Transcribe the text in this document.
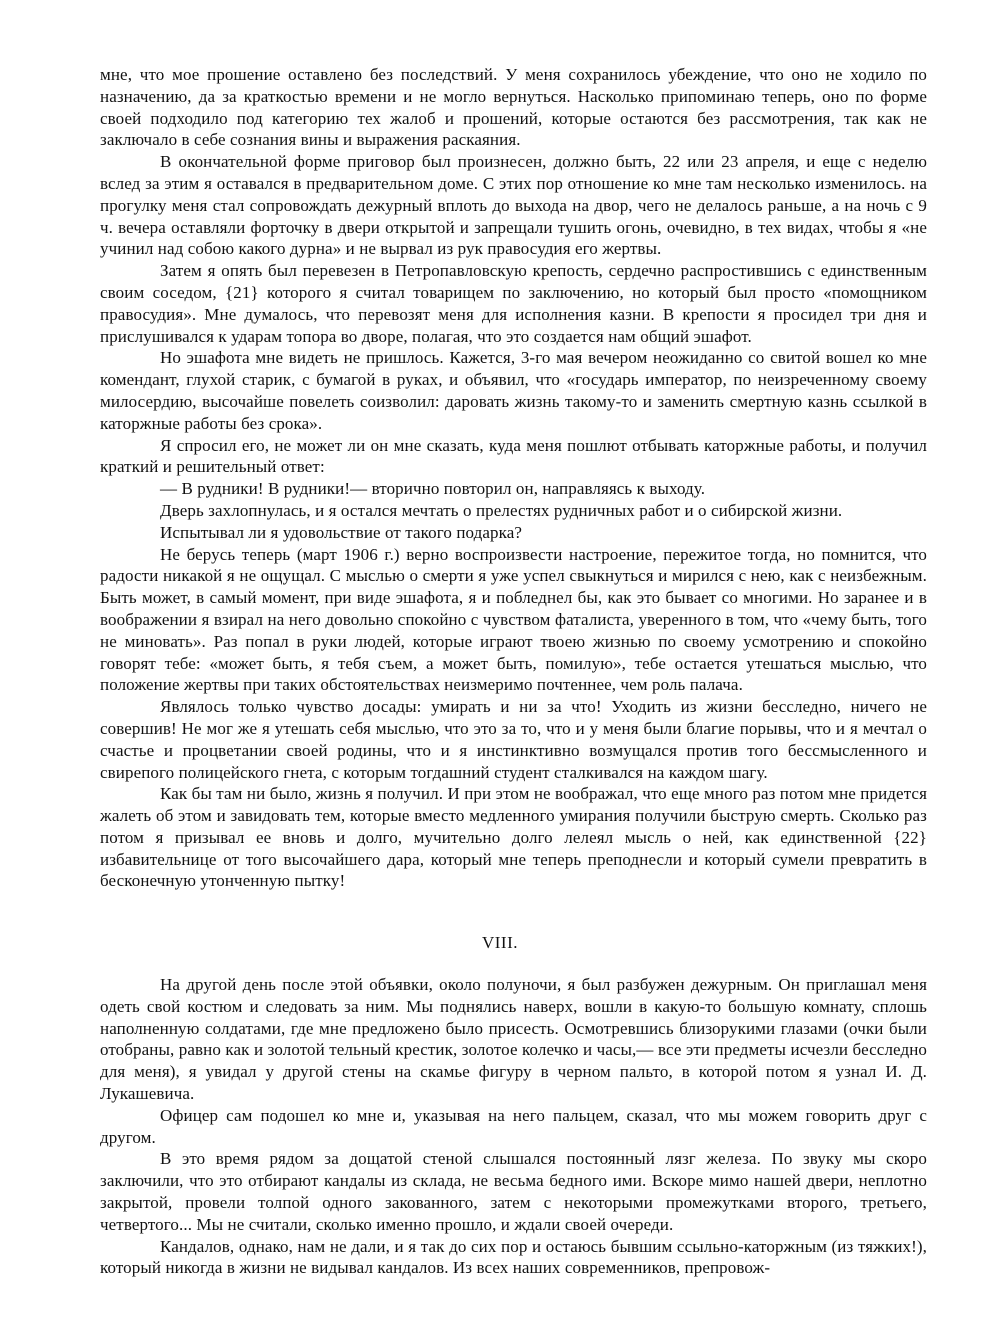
мне, что мое прошение оставлено без последствий. У меня сохранилось убеждение, что оно не ходило по назначению, да за краткостью времени и не могло вернуться. Насколько припоминаю теперь, оно по форме своей подходило под категорию тех жалоб и прошений, которые остаются без рассмотрения, так как не заключало в себе сознания вины и выражения раскаяния.

В окончательной форме приговор был произнесен, должно быть, 22 или 23 апреля, и еще с неделю вслед за этим я оставался в предварительном доме. С этих пор отношение ко мне там несколько изменилось. на прогулку меня стал сопровождать дежурный вплоть до выхода на двор, чего не делалось раньше, а на ночь с 9 ч. вечера оставляли форточку в двери открытой и запрещали тушить огонь, очевидно, в тех видах, чтобы я «не учинил над собою какого дурна» и не вырвал из рук правосудия его жертвы.

Затем я опять был перевезен в Петропавловскую крепость, сердечно распростившись с единственным своим соседом, {21} которого я считал товарищем по заключению, но который был просто «помощником правосудия». Мне думалось, что перевозят меня для исполнения казни. В крепости я просидел три дня и прислушивался к ударам топора во дворе, полагая, что это создается нам общий эшафот.

Но эшафота мне видеть не пришлось. Кажется, 3-го мая вечером неожиданно со свитой вошел ко мне комендант, глухой старик, с бумагой в руках, и объявил, что «государь император, по неизреченному своему милосердию, высочайше повелеть соизволил: даровать жизнь такому-то и заменить смертную казнь ссылкой в каторжные работы без срока».

Я спросил его, не может ли он мне сказать, куда меня пошлют отбывать каторжные работы, и получил краткий и решительный ответ:

— В рудники! В рудники!— вторично повторил он, направляясь к выходу.

Дверь захлопнулась, и я остался мечтать о прелестях рудничных работ и о сибирской жизни.

Испытывал ли я удовольствие от такого подарка?

Не берусь теперь (март 1906 г.) верно воспроизвести настроение, пережитое тогда, но помнится, что радости никакой я не ощущал. С мыслью о смерти я уже успел свыкнуться и мирился с нею, как с неизбежным. Быть может, в самый момент, при виде эшафота, я и побледнел бы, как это бывает со многими. Но заранее и в воображении я взирал на него довольно спокойно с чувством фаталиста, уверенного в том, что «чему быть, того не миновать». Раз попал в руки людей, которые играют твоею жизнью по своему усмотрению и спокойно говорят тебе: «может быть, я тебя съем, а может быть, помилую», тебе остается утешаться мыслью, что положение жертвы при таких обстоятельствах неизмеримо почтеннее, чем роль палача.

Являлось только чувство досады: умирать и ни за что! Уходить из жизни бесследно, ничего не совершив! Не мог же я утешать себя мыслью, что это за то, что и у меня были благие порывы, что и я мечтал о счастье и процветании своей родины, что и я инстинктивно возмущался против того бессмысленного и свирепого полицейского гнета, с которым тогдашний студент сталкивался на каждом шагу.

Как бы там ни было, жизнь я получил. И при этом не воображал, что еще много раз потом мне придется жалеть об этом и завидовать тем, которые вместо медленного умирания получили быструю смерть. Сколько раз потом я призывал ее вновь и долго, мучительно долго лелеял мысль о ней, как единственной {22} избавительнице от того высочайшего дара, который мне теперь преподнесли и который сумели превратить в бесконечную утонченную пытку!

VIII.

На другой день после этой объявки, около полуночи, я был разбужен дежурным. Он приглашал меня одеть свой костюм и следовать за ним. Мы поднялись наверх, вошли в какую-то большую комнату, сплошь наполненную солдатами, где мне предложено было присесть. Осмотревшись близорукими глазами (очки были отобраны, равно как и золотой тельный крестик, золотое колечко и часы,— все эти предметы исчезли бесследно для меня), я увидал у другой стены на скамье фигуру в черном пальто, в которой потом я узнал И. Д. Лукашевича.

Офицер сам подошел ко мне и, указывая на него пальцем, сказал, что мы можем говорить друг с другом.

В это время рядом за дощатой стеной слышался постоянный лязг железа. По звуку мы скоро заключили, что это отбирают кандалы из склада, не весьма бедного ими. Вскоре мимо нашей двери, неплотно закрытой, провели толпой одного закованного, затем с некоторыми промежутками второго, третьего, четвертого... Мы не считали, сколько именно прошло, и ждали своей очереди.

Кандалов, однако, нам не дали, и я так до сих пор и остаюсь бывшим ссыльно-каторжным (из тяжких!), который никогда в жизни не видывал кандалов. Из всех наших современников, препровож-
